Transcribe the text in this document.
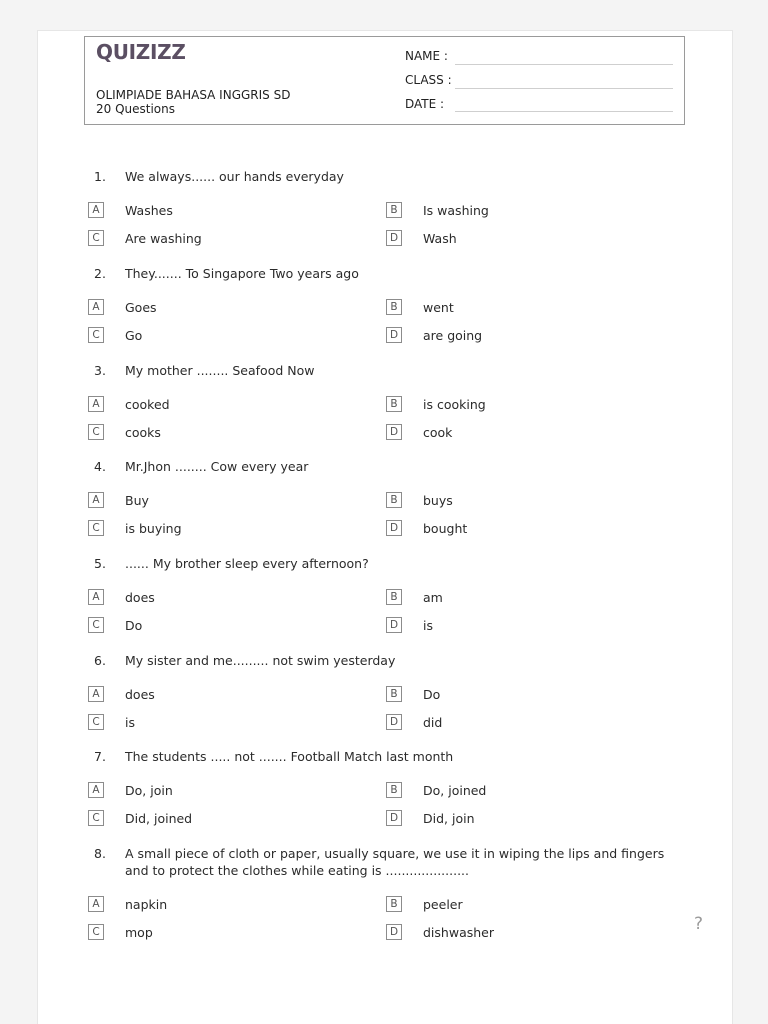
QUIZIZZ
OLIMPIADE BAHASA INGGRIS SD
20 Questions
NAME :
CLASS :
DATE :
1.	We always...... our hands everyday
A	Washes	B	Is washing
C	Are washing	D	Wash
2.	They....... To Singapore Two years ago
A	Goes	B	went
C	Go	D	are going
3.	My mother ........ Seafood Now
A	cooked	B	is cooking
C	cooks	D	cook
4.	Mr.Jhon ........ Cow every year
A	Buy	B	buys
C	is buying	D	bought
5.	...... My brother sleep every afternoon?
A	does	B	am
C	Do	D	is
6.	My sister and me......... not swim yesterday
A	does	B	Do
C	is	D	did
7.	The students ..... not ....... Football Match last month
A	Do, join	B	Do, joined
C	Did, joined	D	Did, join
8.	A small piece of cloth or paper, usually square, we use it in wiping the lips and fingers and to protect the clothes while eating is .....................
A	napkin	B	peeler
C	mop	D	dishwasher	?
